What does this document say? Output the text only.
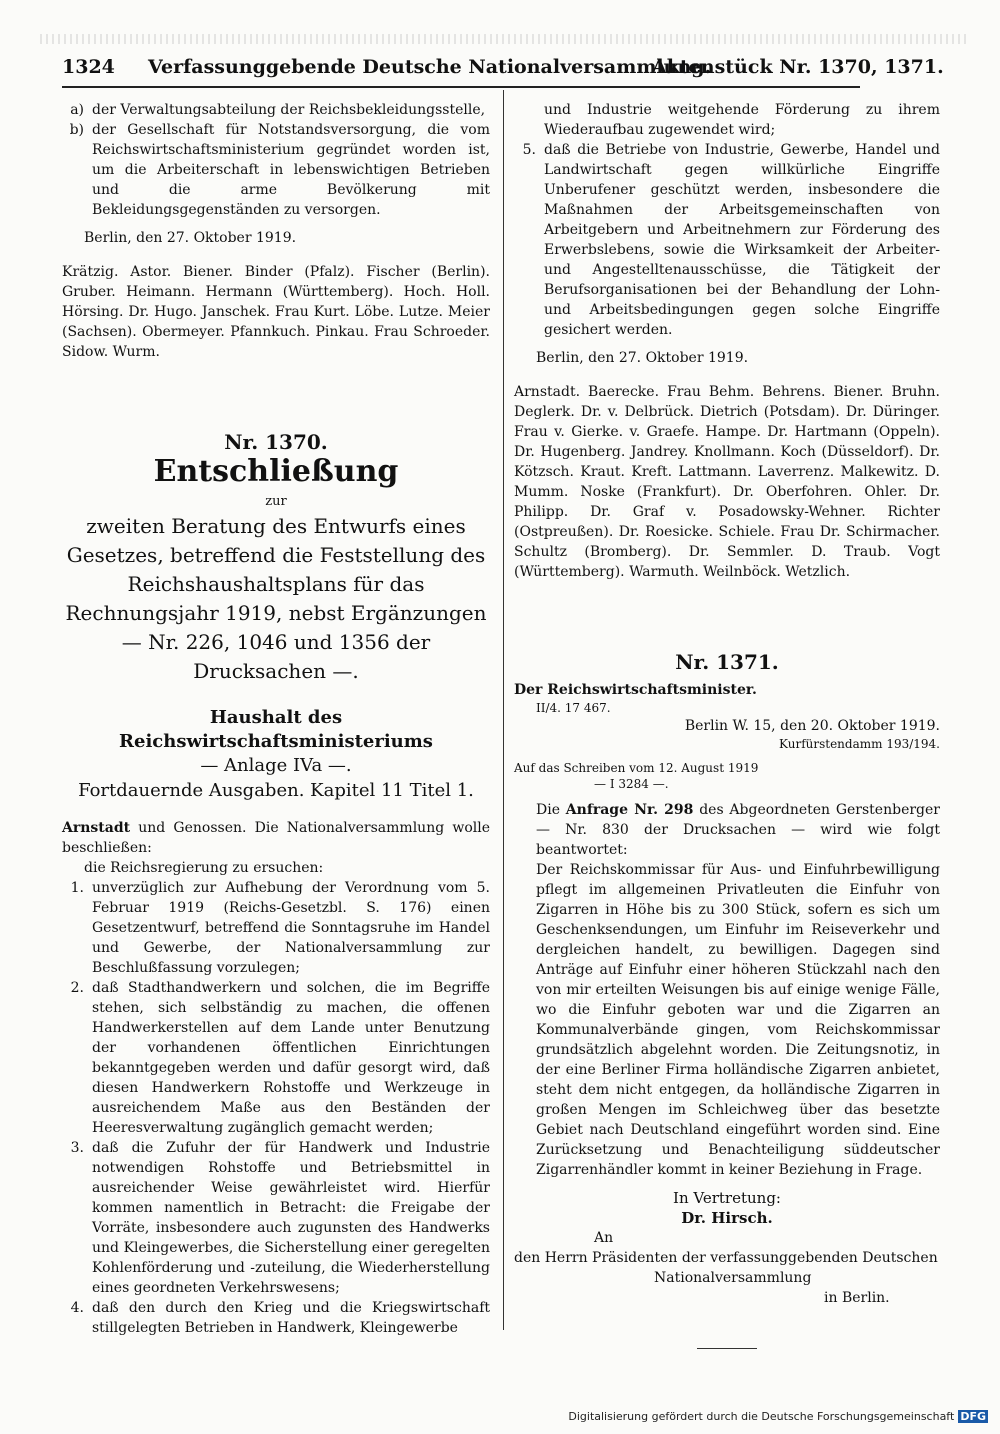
1324 Verfassunggebende Deutsche Nationalversammlung.
Aktenstück Nr. 1370, 1371.
a) der Verwaltungsabteilung der Reichsbekleidungsstelle,
b) der Gesellschaft für Notstandsversorgung, die vom Reichswirtschaftsministerium gegründet worden ist, um die Arbeiterschaft in lebenswichtigen Betrieben und die arme Bevölkerung mit Bekleidungsgegenständen zu versorgen.

Berlin, den 27. Oktober 1919.

Krätzig. Astor. Biener. Binder (Pfalz). Fischer (Berlin). Gruber. Heimann. Hermann (Württemberg). Hoch. Holl. Hörsing. Dr. Hugo. Janschek. Frau Kurt. Löbe. Lutze. Meier (Sachsen). Obermeyer. Pfannkuch. Pinkau. Frau Schroeder. Sidow. Wurm.

Nr. 1370.
Entschließung
zur
zweiten Beratung des Entwurfs eines Gesetzes, betreffend die Feststellung des Reichshaushaltsplans für das Rechnungsjahr 1919, nebst Ergänzungen — Nr. 226, 1046 und 1356 der Drucksachen —.
Haushalt des Reichswirtschaftsministeriums
— Anlage IVa —.
Fortdauernde Ausgaben. Kapitel 11 Titel 1.

Arnstadt und Genossen. Die Nationalversammlung wolle beschließen:

die Reichsregierung zu ersuchen:

1. unverzüglich zur Aufhebung der Verordnung vom 5. Februar 1919 (Reichs-Gesetzbl. S. 176) einen Gesetzentwurf, betreffend die Sonntagsruhe im Handel und Gewerbe, der Nationalversammlung zur Beschlußfassung vorzulegen;
2. daß Stadthandwerkern und solchen, die im Begriffe stehen, sich selbständig zu machen, die offenen Handwerkerstellen auf dem Lande unter Benutzung der vorhandenen öffentlichen Einrichtungen bekanntgegeben werden und dafür gesorgt wird, daß diesen Handwerkern Rohstoffe und Werkzeuge in ausreichendem Maße aus den Beständen der Heeresverwaltung zugänglich gemacht werden;
3. daß die Zufuhr der für Handwerk und Industrie notwendigen Rohstoffe und Betriebsmittel in ausreichender Weise gewährleistet wird. Hierfür kommen namentlich in Betracht: die Freigabe der Vorräte, insbesondere auch zugunsten des Handwerks und Kleingewerbes, die Sicherstellung einer geregelten Kohlenförderung und -zuteilung, die Wiederherstellung eines geordneten Verkehrswesens;
4. daß den durch den Krieg und die Kriegswirtschaft stillgelegten Betrieben in Handwerk, Kleingewerbe
und Industrie weitgehende Förderung zu ihrem Wiederaufbau zugewendet wird;
5. daß die Betriebe von Industrie, Gewerbe, Handel und Landwirtschaft gegen willkürliche Eingriffe Unberufener geschützt werden, insbesondere die Maßnahmen der Arbeitsgemeinschaften von Arbeitgebern und Arbeitnehmern zur Förderung des Erwerbslebens, sowie die Wirksamkeit der Arbeiter- und Angestelltenausschüsse, die Tätigkeit der Berufsorganisationen bei der Behandlung der Lohn- und Arbeitsbedingungen gegen solche Eingriffe gesichert werden.

Berlin, den 27. Oktober 1919.

Arnstadt. Baerecke. Frau Behm. Behrens. Biener. Bruhn. Deglerk. Dr. v. Delbrück. Dietrich (Potsdam). Dr. Düringer. Frau v. Gierke. v. Graefe. Hampe. Dr. Hartmann (Oppeln). Dr. Hugenberg. Jandrey. Knollmann. Koch (Düsseldorf). Dr. Kötzsch. Kraut. Kreft. Lattmann. Laverrenz. Malkewitz. D. Mumm. Noske (Frankfurt). Dr. Oberfohren. Ohler. Dr. Philipp. Dr. Graf v. Posadowsky-Wehner. Richter (Ostpreußen). Dr. Roesicke. Schiele. Frau Dr. Schirmacher. Schultz (Bromberg). Dr. Semmler. D. Traub. Vogt (Württemberg). Warmuth. Weilnböck. Wetzlich.

Nr. 1371.

Der Reichswirtschaftsminister.

II/4. 17 467.

Berlin W. 15, den 20. Oktober 1919.

Kurfürstendamm 193/194.

Auf das Schreiben vom 12. August 1919

— I 3284 —.

Die Anfrage Nr. 298 des Abgeordneten Gerstenberger — Nr. 830 der Drucksachen — wird wie folgt beantwortet:

Der Reichskommissar für Aus- und Einfuhrbewilligung pflegt im allgemeinen Privatleuten die Einfuhr von Zigarren in Höhe bis zu 300 Stück, sofern es sich um Geschenksendungen, um Einfuhr im Reiseverkehr und dergleichen handelt, zu bewilligen. Dagegen sind Anträge auf Einfuhr einer höheren Stückzahl nach den von mir erteilten Weisungen bis auf einige wenige Fälle, wo die Einfuhr geboten war und die Zigarren an Kommunalverbände gingen, vom Reichskommissar grundsätzlich abgelehnt worden. Die Zeitungsnotiz, in der eine Berliner Firma holländische Zigarren anbietet, steht dem nicht entgegen, da holländische Zigarren in großen Mengen im Schleichweg über das besetzte Gebiet nach Deutschland eingeführt worden sind. Eine Zurücksetzung und Benachteiligung süddeutscher Zigarrenhändler kommt in keiner Beziehung in Frage.

In Vertretung:
Dr. Hirsch.

An

den Herrn Präsidenten der verfassunggebenden Deutschen

Nationalversammlung

in Berlin.

Digitalisierung gefördert durch die Deutsche Forschungsgemeinschaft DFG
